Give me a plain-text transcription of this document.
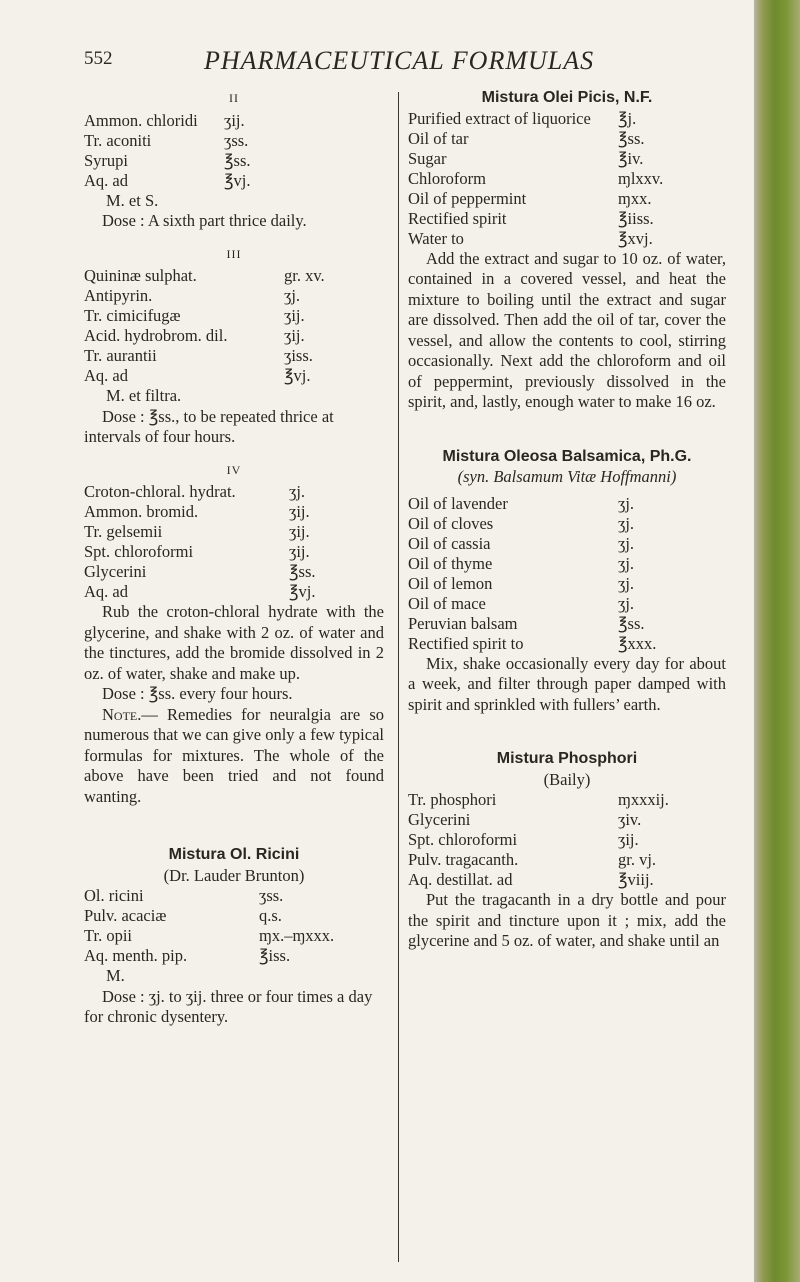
552	PHARMACEUTICAL FORMULAS

II

Ammon. chloridi	ʒij.
Tr. aconiti	ʒss.
Syrupi	℥ss.
Aq. ad	℥vj.

M. et S.

Dose : A sixth part thrice daily.

III

Quininæ sulphat.	gr. xv.
Antipyrin.	ʒj.
Tr. cimicifugæ	ʒij.
Acid. hydrobrom. dil.	ʒij.
Tr. aurantii	ʒiss.
Aq. ad	℥vj.

M. et filtra.

Dose : ℥ss., to be repeated thrice at intervals of four hours.

IV

Croton-chloral. hydrat.	ʒj.
Ammon. bromid.	ʒij.
Tr. gelsemii	ʒij.
Spt. chloroformi	ʒij.
Glycerini	℥ss.
Aq. ad	℥vj.

Rub the croton-chloral hydrate with the glycerine, and shake with 2 oz. of water and the tinctures, add the bromide dissolved in 2 oz. of water, shake and make up.

Dose : ℥ss. every four hours.

Note.— Remedies for neuralgia are so numerous that we can give only a few typical formulas for mixtures. The whole of the above have been tried and not found wanting.

Mistura Ol. Ricini

(Dr. Lauder Brunton)

Ol. ricini	ʒss.
Pulv. acaciæ	q.s.
Tr. opii	ɱx.–ɱxxx.
Aq. menth. pip.	℥iss.

M.

Dose : ʒj. to ʒij. three or four times a day for chronic dysentery.

Mistura Olei Picis, N.F.

Purified extract of liquorice	℥j.
Oil of tar	℥ss.
Sugar	℥iv.
Chloroform	ɱlxxv.
Oil of peppermint	ɱxx.
Rectified spirit	℥iiss.
Water to	℥xvj.

Add the extract and sugar to 10 oz. of water, contained in a covered vessel, and heat the mixture to boiling until the extract and sugar are dissolved. Then add the oil of tar, cover the vessel, and allow the contents to cool, stirring occasionally. Next add the chloroform and oil of peppermint, previously dissolved in the spirit, and, lastly, enough water to make 16 oz.

Mistura Oleosa Balsamica, Ph.G.

(syn. Balsamum Vitæ Hoffmanni)

Oil of lavender	ʒj.
Oil of cloves	ʒj.
Oil of cassia	ʒj.
Oil of thyme	ʒj.
Oil of lemon	ʒj.
Oil of mace	ʒj.
Peruvian balsam	℥ss.
Rectified spirit to	℥xxx.

Mix, shake occasionally every day for about a week, and filter through paper damped with spirit and sprinkled with fullers’ earth.

Mistura Phosphori

(Baily)

Tr. phosphori	ɱxxxij.
Glycerini	ʒiv.
Spt. chloroformi	ʒij.
Pulv. tragacanth.	gr. vj.
Aq. destillat. ad	℥viij.

Put the tragacanth in a dry bottle and pour the spirit and tincture upon it ; mix, add the glycerine and 5 oz. of water, and shake until an
